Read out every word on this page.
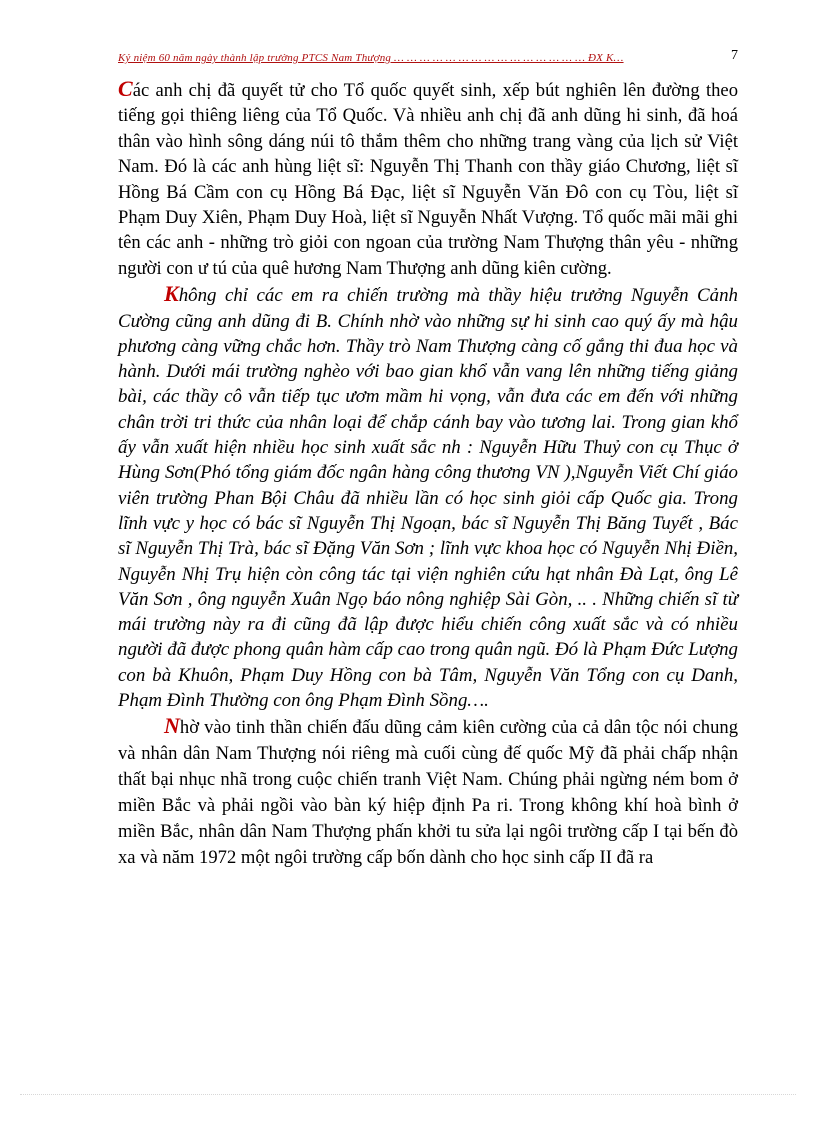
Kỷ niệm 60 năm ngày thành lập trường PTCS Nam Thượng … … … … … … … … … … … … … … … ĐX K…	7

Các anh chị đã quyết tử cho Tổ quốc quyết sinh, xếp bút nghiên lên đường theo tiếng gọi thiêng liêng của Tổ Quốc. Và nhiều anh chị đã anh dũng hi sinh, đã hoá thân vào hình sông dáng núi tô thắm thêm cho những trang vàng của lịch sử Việt Nam. Đó là các anh hùng liệt sĩ: Nguyễn Thị Thanh con thầy giáo Chương, liệt sĩ Hồng Bá Cầm con cụ Hồng Bá Đạc, liệt sĩ Nguyễn Văn Đô con cụ Tòu, liệt sĩ Phạm Duy Xiên, Phạm Duy Hoà, liệt sĩ Nguyễn Nhất Vượng. Tổ quốc mãi mãi ghi tên các anh - những trò giỏi con ngoan của trường Nam Thượng thân yêu - những người con ư tú của quê hương Nam Thượng anh dũng kiên cường.

Không chỉ các em ra chiến trường mà thầy hiệu trưởng Nguyễn Cảnh Cường cũng anh dũng đi B. Chính nhờ vào những sự hi sinh cao quý ấy mà hậu phương càng vững chắc hơn. Thầy trò Nam Thượng càng cố gắng thi đua học và hành. Dưới mái trường nghèo với bao gian khổ vẫn vang lên những tiếng giảng bài, các thầy cô vẫn tiếp tục ươm mầm hi vọng, vẫn đưa các em đến với những chân trời tri thức của nhân loại để chắp cánh bay vào tương lai. Trong gian khổ ấy vẫn xuất hiện nhiều học sinh xuất sắc nh : Nguyễn Hữu Thuỷ con cụ Thục ở Hùng Sơn(Phó tổng giám đốc ngân hàng công thương VN ),Nguyễn Viết Chí giáo viên trường Phan Bội Châu đã nhiều lần có học sinh giỏi cấp Quốc gia. Trong lĩnh vực y học có bác sĩ Nguyễn Thị Ngoạn, bác sĩ Nguyễn Thị Băng Tuyết , Bác sĩ Nguyễn Thị Trà, bác sĩ Đặng Văn Sơn ; lĩnh vực khoa học có Nguyễn Nhị Điền, Nguyễn Nhị Trụ hiện còn công tác tại viện nghiên cứu hạt nhân Đà Lạt, ông Lê Văn Sơn , ông nguyễn Xuân Ngọ báo nông nghiệp Sài Gòn, .. . Những chiến sĩ từ mái trường này ra đi cũng đã lập được hiểu chiến công xuất sắc và có nhiều người đã được phong quân hàm cấp cao trong quân ngũ. Đó là Phạm Đức Lượng con bà Khuôn, Phạm Duy Hồng con bà Tâm, Nguyễn Văn Tổng con cụ Danh, Phạm Đình Thường con ông Phạm Đình Sồng….

Nhờ vào tinh thần chiến đấu dũng cảm kiên cường của cả dân tộc nói chung và nhân dân Nam Thượng nói riêng mà cuối cùng đế quốc Mỹ đã phải chấp nhận thất bại nhục nhã trong cuộc chiến tranh Việt Nam. Chúng phải ngừng ném bom ở miền Bắc và phải ngồi vào bàn ký hiệp định Pa ri. Trong không khí hoà bình ở miền Bắc, nhân dân Nam Thượng phấn khởi tu sửa lại ngôi trường cấp I tại bến đò xa và năm 1972 một ngôi trường cấp bốn dành cho học sinh cấp II đã ra
